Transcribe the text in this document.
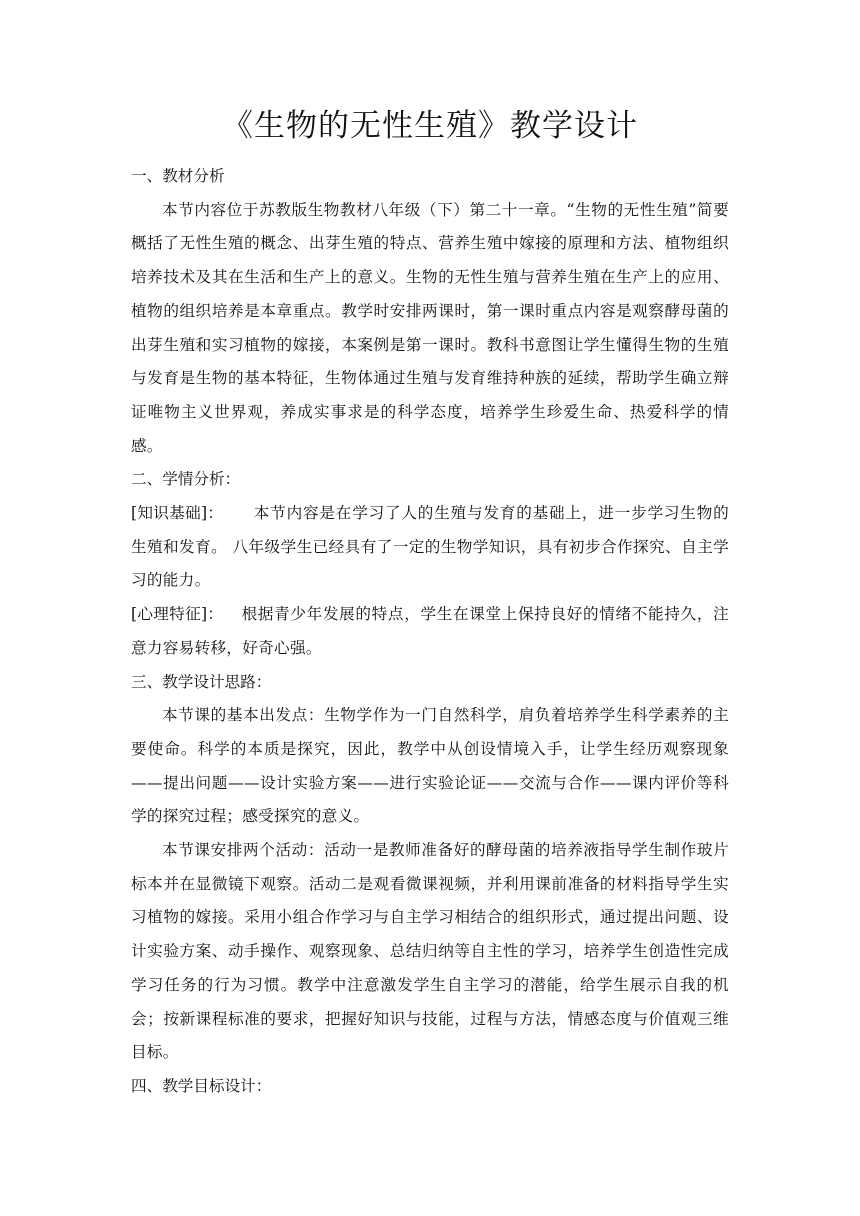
《生物的无性生殖》教学设计

一、教材分析

本节内容位于苏教版生物教材八年级（下）第二十一章。“生物的无性生殖”简要概括了无性生殖的概念、出芽生殖的特点、营养生殖中嫁接的原理和方法、植物组织培养技术及其在生活和生产上的意义。生物的无性生殖与营养生殖在生产上的应用、植物的组织培养是本章重点。教学时安排两课时，第一课时重点内容是观察酵母菌的出芽生殖和实习植物的嫁接，本案例是第一课时。教科书意图让学生懂得生物的生殖与发育是生物的基本特征，生物体通过生殖与发育维持种族的延续，帮助学生确立辩证唯物主义世界观，养成实事求是的科学态度，培养学生珍爱生命、热爱科学的情感。

二、学情分析：

[知识基础]： 本节内容是在学习了人的生殖与发育的基础上，进一步学习生物的生殖和发育。 八年级学生已经具有了一定的生物学知识，具有初步合作探究、自主学习的能力。

[心理特征]： 根据青少年发展的特点，学生在课堂上保持良好的情绪不能持久，注意力容易转移，好奇心强。

三、教学设计思路：

本节课的基本出发点：生物学作为一门自然科学，肩负着培养学生科学素养的主要使命。科学的本质是探究，因此，教学中从创设情境入手，让学生经历观察现象——提出问题——设计实验方案——进行实验论证——交流与合作——课内评价等科学的探究过程；感受探究的意义。

本节课安排两个活动：活动一是教师准备好的酵母菌的培养液指导学生制作玻片标本并在显微镜下观察。活动二是观看微课视频，并利用课前准备的材料指导学生实习植物的嫁接。采用小组合作学习与自主学习相结合的组织形式，通过提出问题、设计实验方案、动手操作、观察现象、总结归纳等自主性的学习，培养学生创造性完成学习任务的行为习惯。教学中注意激发学生自主学习的潜能，给学生展示自我的机会；按新课程标准的要求，把握好知识与技能，过程与方法，情感态度与价值观三维目标。

四、教学目标设计：
